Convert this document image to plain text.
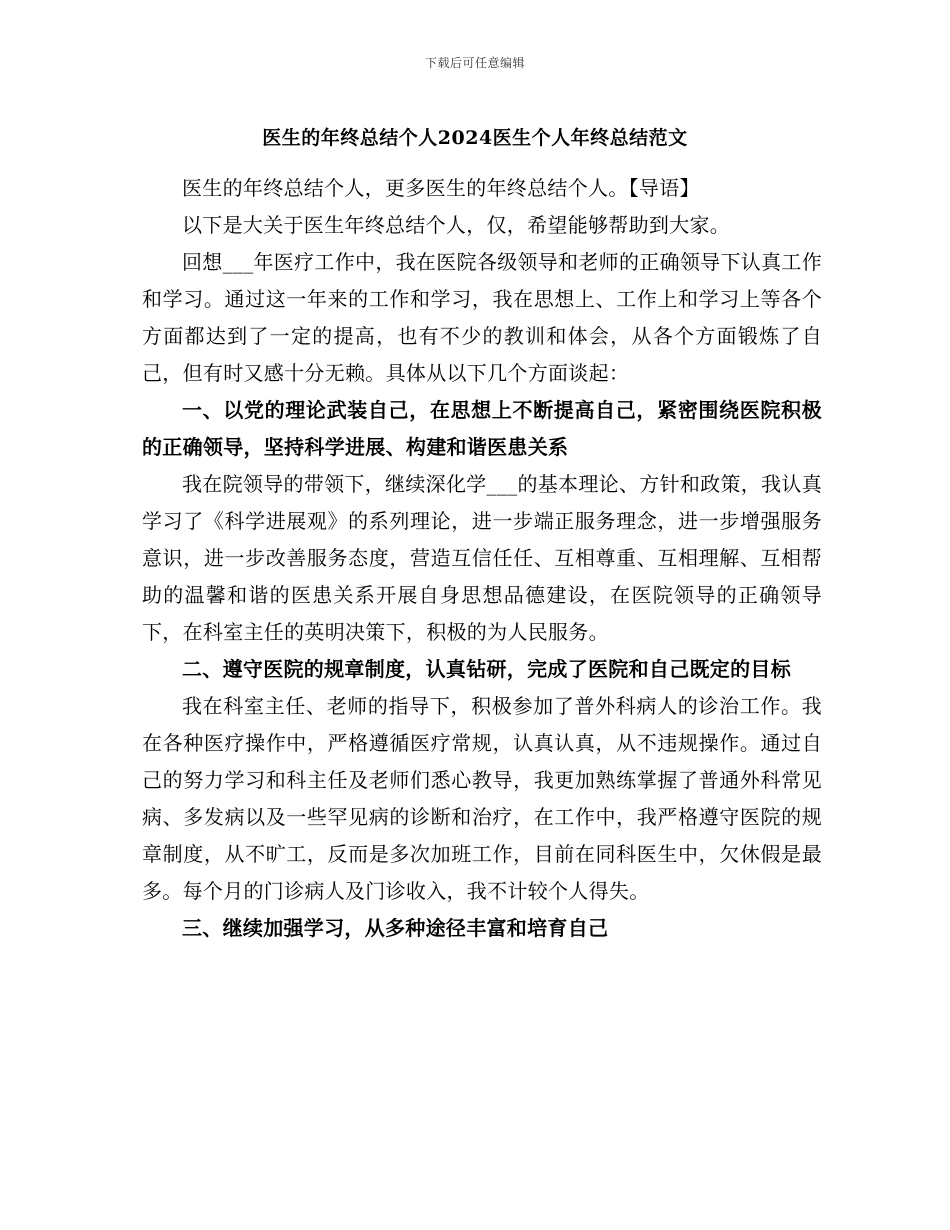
下载后可任意编辑
医生的年终总结个人2024医生个人年终总结范文

医生的年终总结个人，更多医生的年终总结个人。【导语】

以下是大关于医生年终总结个人，仅，希望能够帮助到大家。

回想___年医疗工作中，我在医院各级领导和老师的正确领导下认真工作和学习。通过这一年来的工作和学习，我在思想上、工作上和学习上等各个方面都达到了一定的提高，也有不少的教训和体会，从各个方面锻炼了自己，但有时又感十分无赖。具体从以下几个方面谈起：

一、以党的理论武装自己，在思想上不断提高自己，紧密围绕医院积极的正确领导，坚持科学进展、构建和谐医患关系

我在院领导的带领下，继续深化学___的基本理论、方针和政策，我认真学习了《科学进展观》的系列理论，进一步端正服务理念，进一步增强服务意识，进一步改善服务态度，营造互信任任、互相尊重、互相理解、互相帮助的温馨和谐的医患关系开展自身思想品德建设，在医院领导的正确领导下，在科室主任的英明决策下，积极的为人民服务。

二、遵守医院的规章制度，认真钻研，完成了医院和自己既定的目标

我在科室主任、老师的指导下，积极参加了普外科病人的诊治工作。我在各种医疗操作中，严格遵循医疗常规，认真认真，从不违规操作。通过自己的努力学习和科主任及老师们悉心教导，我更加熟练掌握了普通外科常见病、多发病以及一些罕见病的诊断和治疗，在工作中，我严格遵守医院的规章制度，从不旷工，反而是多次加班工作，目前在同科医生中，欠休假是最多。每个月的门诊病人及门诊收入，我不计较个人得失。

三、继续加强学习，从多种途径丰富和培育自己
